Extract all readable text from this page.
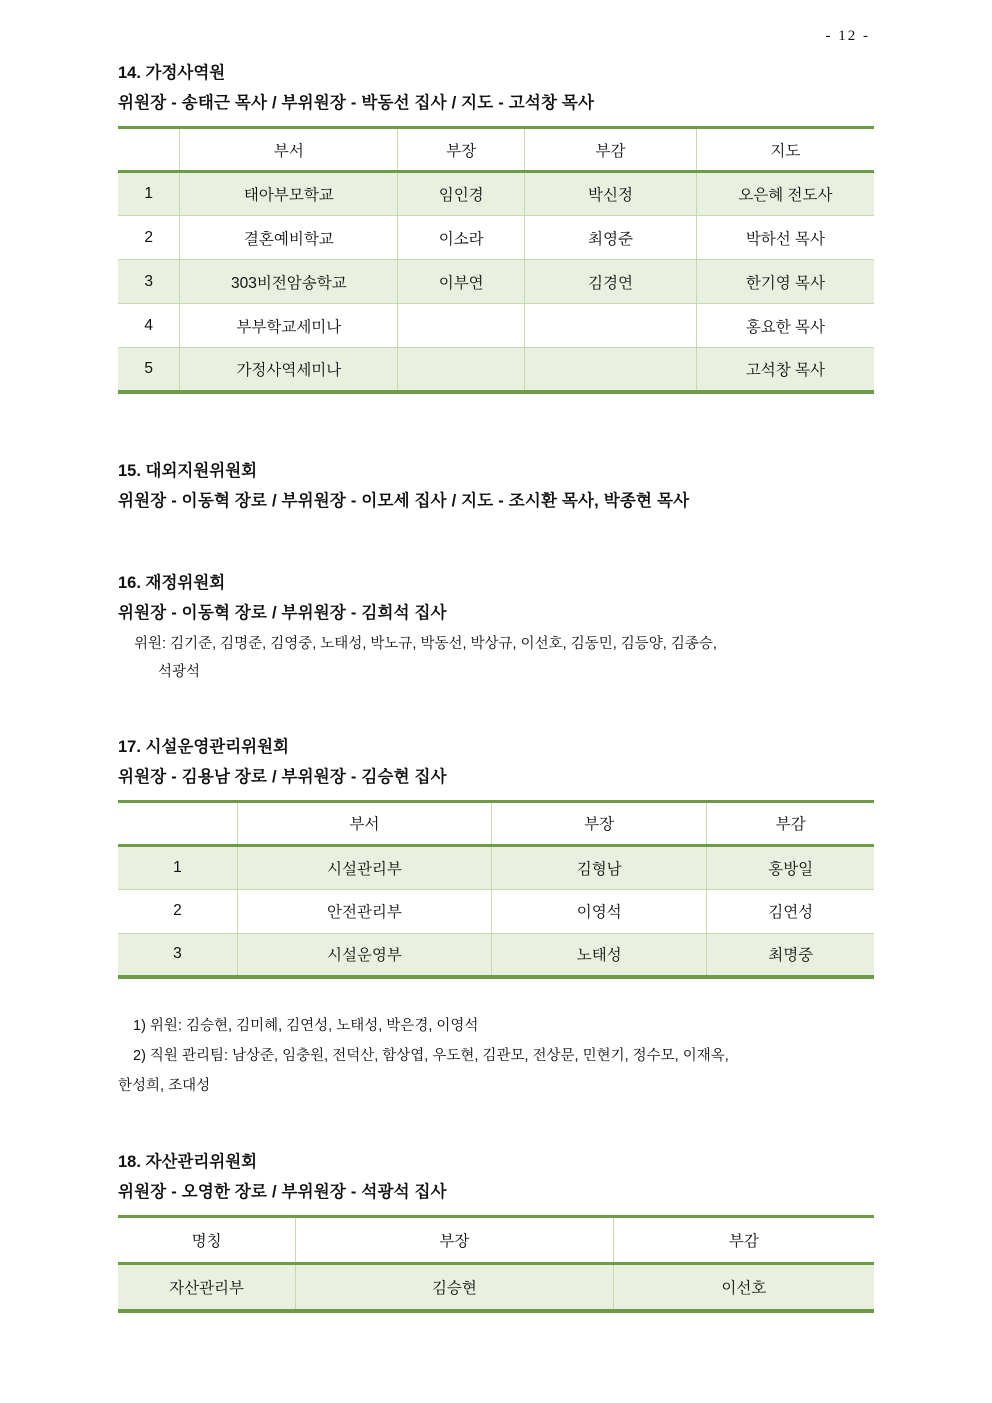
- 12 -
14. 가정사역원
위원장 - 송태근 목사 / 부위원장 - 박동선 집사 / 지도 - 고석창 목사
	부서	부장	부감	지도
1	태아부모학교	임인경	박신정	오은혜 전도사
2	결혼예비학교	이소라	최영준	박하선 목사
3	303비전암송학교	이부연	김경연	한기영 목사
4	부부학교세미나			홍요한 목사
5	가정사역세미나			고석창 목사
15. 대외지원위원회
위원장 - 이동혁 장로 / 부위원장 - 이모세 집사 / 지도 - 조시환 목사, 박종현 목사
16. 재정위원회
위원장 - 이동혁 장로 / 부위원장 - 김희석 집사
위원: 김기준, 김명준, 김영중, 노태성, 박노규, 박동선, 박상규, 이선호, 김동민, 김등양, 김종승,
석광석
17. 시설운영관리위원회
위원장 - 김용남 장로 / 부위원장 - 김승현 집사
	부서	부장	부감
1	시설관리부	김형남	홍방일
2	안전관리부	이영석	김연성
3	시설운영부	노태성	최명중
1) 위원: 김승현, 김미혜, 김연성, 노태성, 박은경, 이영석
2) 직원 관리팀: 남상준, 임충원, 전덕산, 함상엽, 우도현, 김관모, 전상문, 민현기, 정수모, 이재옥,
한성희, 조대성
18. 자산관리위원회
위원장 - 오영한 장로 / 부위원장 - 석광석 집사
명칭	부장	부감
자산관리부	김승현	이선호
